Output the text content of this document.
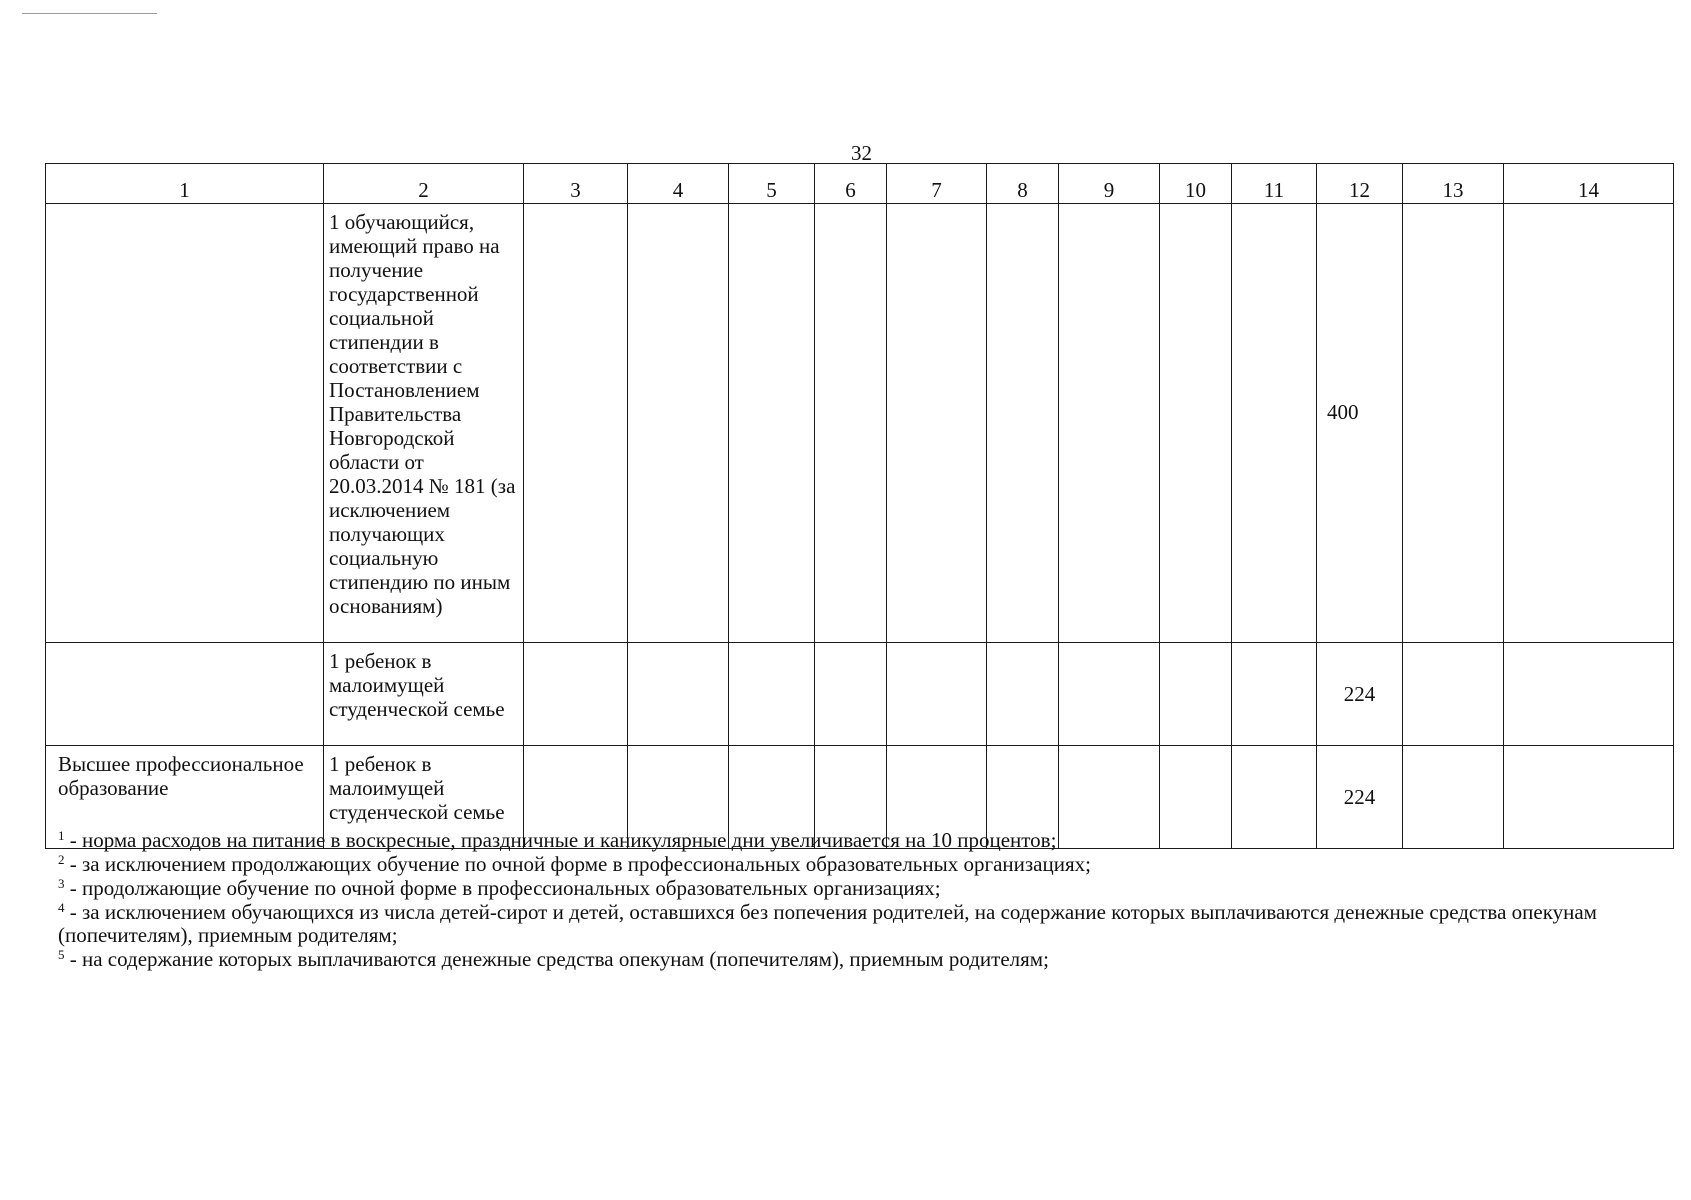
32
1	2	3	4	5	6	7	8	9	10	11	12	13	14

	1 обучающийся, имеющий право на получение государственной социальной стипендии в соответствии с Постановлением Правительства Новгородской области от 20.03.2014 № 181 (за исключением получающих социальную стипендию по иным основаниям)										400		

	1 ребенок в малоимущей студенческой семье										224		

Высшее профессиональное образование	1 ребенок в малоимущей студенческой семье										224		
$^1$ - норма расходов на питание в воскресные, праздничные и каникулярные дни увеличивается на 10 процентов;
$^2$ - за исключением продолжающих обучение по очной форме в профессиональных образовательных организациях;
$^3$ - продолжающие обучение по очной форме в профессиональных образовательных организациях;
$^4$ - за исключением обучающихся из числа детей-сирот и детей, оставшихся без попечения родителей, на содержание которых выплачиваются денежные средства опекунам (попечителям), приемным родителям;
$^5$ - на содержание которых выплачиваются денежные средства опекунам (попечителям), приемным родителям;
